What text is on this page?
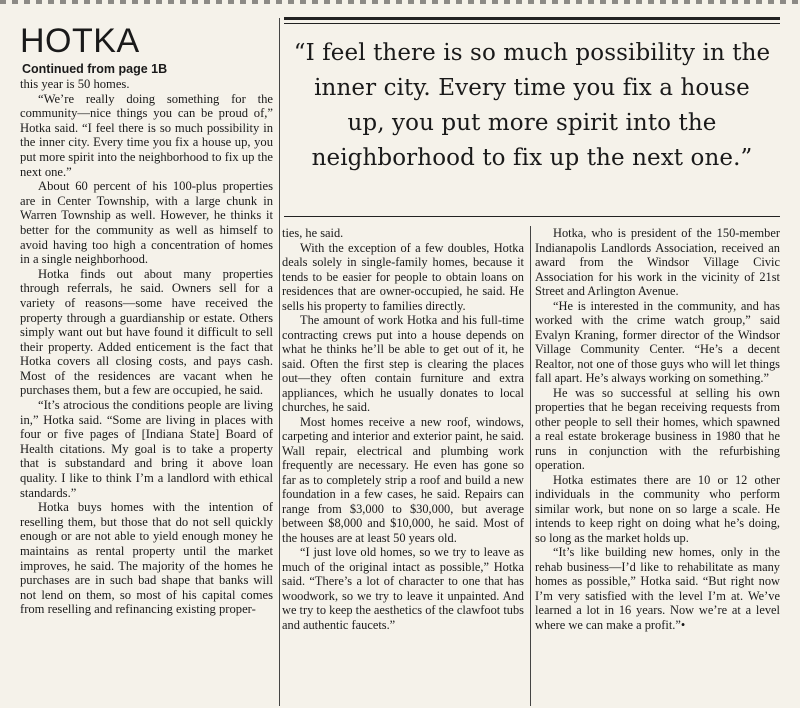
HOTKA
Continued from page 1B

this year is 50 homes.

“We’re really doing something for the community—nice things you can be proud of,” Hotka said. “I feel there is so much possibility in the inner city. Every time you fix a house up, you put more spirit into the neighborhood to fix up the next one.”

About 60 percent of his 100-plus properties are in Center Township, with a large chunk in Warren Township as well. However, he thinks it better for the community as well as himself to avoid having too high a concentration of homes in a single neighborhood.

Hotka finds out about many properties through referrals, he said. Owners sell for a variety of reasons—some have received the property through a guardianship or estate. Others simply want out but have found it difficult to sell their property. Added enticement is the fact that Hotka covers all closing costs, and pays cash. Most of the residences are vacant when he purchases them, but a few are occupied, he said.

“It’s atrocious the conditions people are living in,” Hotka said. “Some are living in places with four or five pages of [Indiana State] Board of Health citations. My goal is to take a property that is substandard and bring it above loan quality. I like to think I’m a landlord with ethical standards.”

Hotka buys homes with the intention of reselling them, but those that do not sell quickly enough or are not able to yield enough money he maintains as rental property until the market improves, he said. The majority of the homes he purchases are in such bad shape that banks will not lend on them, so most of his capital comes from reselling and refinancing existing proper-

“I feel there is so much possibility in the inner city. Every time you fix a house up, you put more spirit into the neighborhood to fix up the next one.”

ties, he said.

With the exception of a few doubles, Hotka deals solely in single-family homes, because it tends to be easier for people to obtain loans on residences that are owner-occupied, he said. He sells his property to families directly.

The amount of work Hotka and his full-time contracting crews put into a house depends on what he thinks he’ll be able to get out of it, he said. Often the first step is clearing the places out—they often contain furniture and extra appliances, which he usually donates to local churches, he said.

Most homes receive a new roof, windows, carpeting and interior and exterior paint, he said. Wall repair, electrical and plumbing work frequently are necessary. He even has gone so far as to completely strip a roof and build a new foundation in a few cases, he said. Repairs can range from $3,000 to $30,000, but average between $8,000 and $10,000, he said. Most of the houses are at least 50 years old.

“I just love old homes, so we try to leave as much of the original intact as possible,” Hotka said. “There’s a lot of character to one that has woodwork, so we try to leave it unpainted. And we try to keep the aesthetics of the clawfoot tubs and authentic faucets.”

Hotka, who is president of the 150-member Indianapolis Landlords Association, received an award from the Windsor Village Civic Association for his work in the vicinity of 21st Street and Arlington Avenue.

“He is interested in the community, and has worked with the crime watch group,” said Evalyn Kraning, former director of the Windsor Village Community Center. “He’s a decent Realtor, not one of those guys who will let things fall apart. He’s always working on something.”

He was so successful at selling his own properties that he began receiving requests from other people to sell their homes, which spawned a real estate brokerage business in 1980 that he runs in conjunction with the refurbishing operation.

Hotka estimates there are 10 or 12 other individuals in the community who perform similar work, but none on so large a scale. He intends to keep right on doing what he’s doing, so long as the market holds up.

“It’s like building new homes, only in the rehab business—I’d like to rehabilitate as many homes as possible,” Hotka said. “But right now I’m very satisfied with the level I’m at. We’ve learned a lot in 16 years. Now we’re at a level where we can make a profit.”•
